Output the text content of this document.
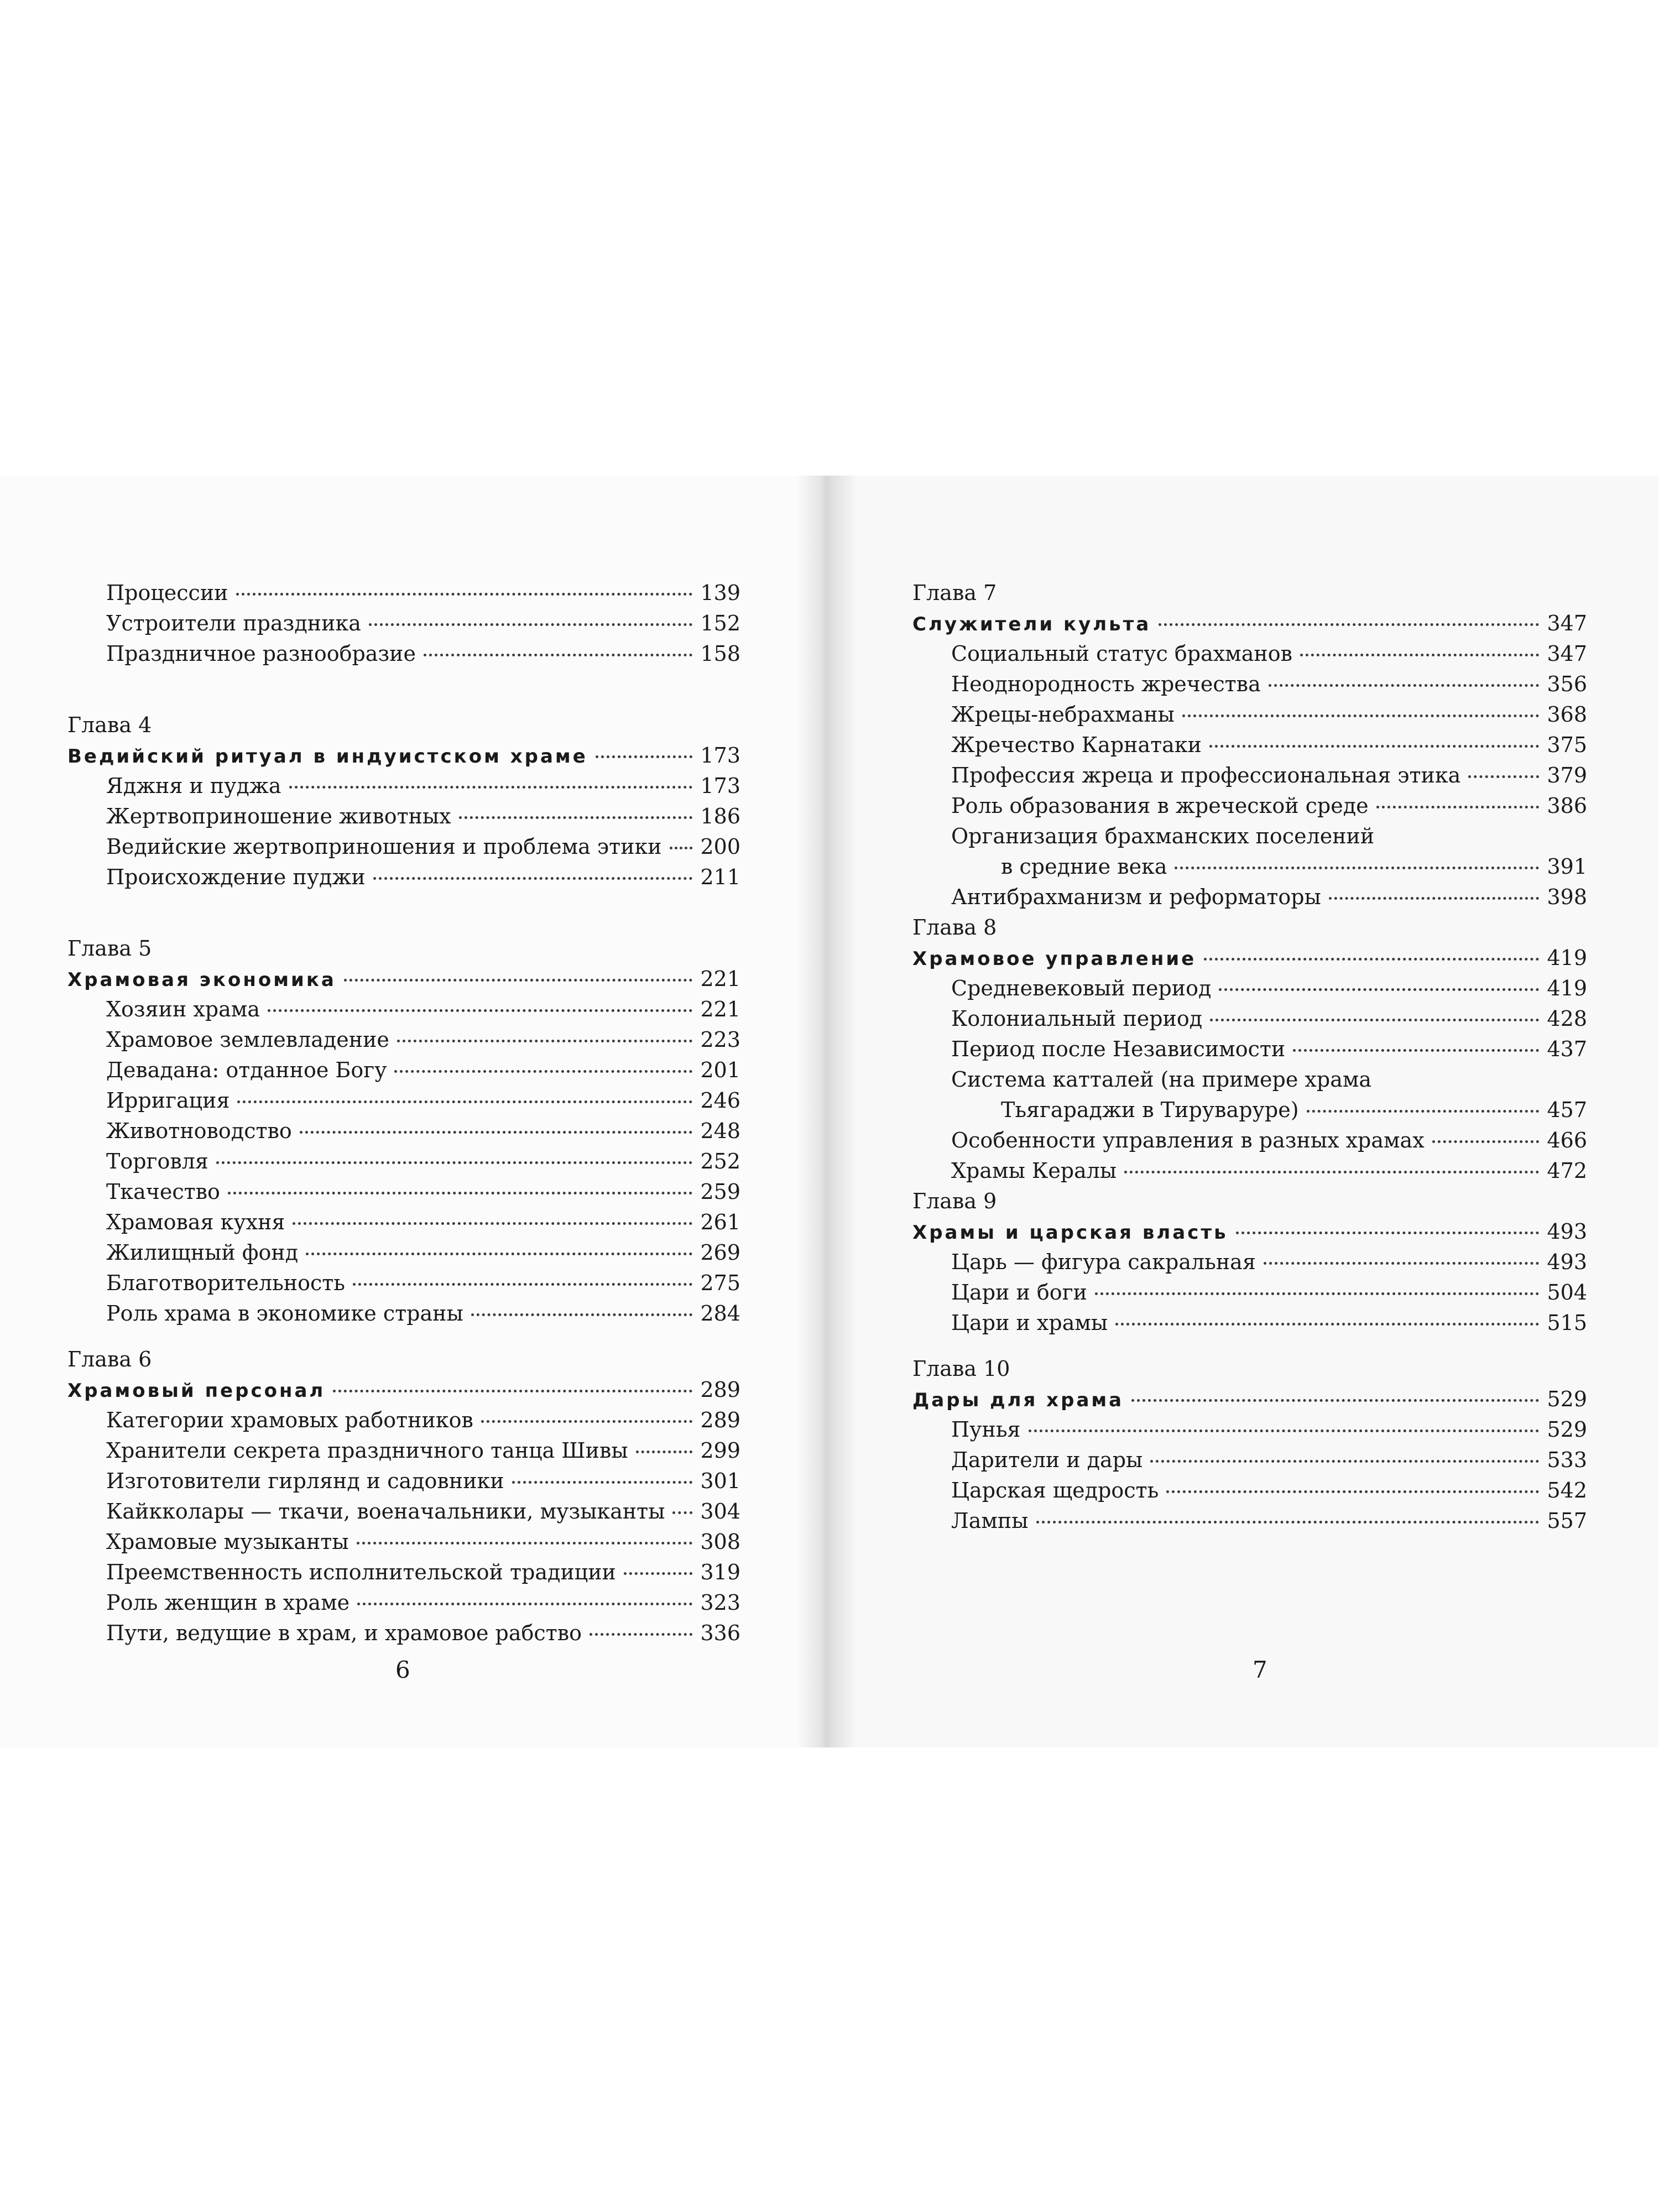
Процессии	139
Устроители праздника	152
Праздничное разнообразие	158
Глава 4
Ведийский ритуал в индуистском храме	173
Яджня и пуджа	173
Жертвоприношение животных	186
Ведийские жертвоприношения и проблема этики 200
Происхождение пуджи	211
Глава 5
Храмовая экономика	221
Хозяин храма	221
Храмовое землевладение	223
Девадана: отданное Богу	201
Ирригация	246
Животноводство	248
Торговля	252
Ткачество	259
Храмовая кухня	261
Жилищный фонд	269
Благотворительность	275
Роль храма в экономике страны	284
Глава 6
Храмовый персонал	289
Категории храмовых работников	289
Хранители секрета праздничного танца Шивы	299
Изготовители гирлянд и садовники	301
Кайкколары — ткачи, военачальники, музыканты 304
Храмовые музыканты	308
Преемственность исполнительской традиции	319
Роль женщин в храме	323
Пути, ведущие в храм, и храмовое рабство	336
Глава 7
Служители культа	347
Социальный статус брахманов	347
Неоднородность жречества	356
Жрецы-небрахманы	368
Жречество Карнатаки	375
Профессия жреца и профессиональная этика	379
Роль образования в жреческой среде	386
Организация брахманских поселений
в средние века	391
Антибрахманизм и реформаторы	398
Глава 8
Храмовое управление	419
Средневековый период	419
Колониальный период	428
Период после Независимости	437
Система катталей (на примере храма
Тьягараджи в Тируваруре)	457
Особенности управления в разных храмах	466
Храмы Кералы	472
Глава 9
Храмы и царская власть	493
Царь — фигура сакральная	493
Цари и боги	504
Цари и храмы	515
Глава 10
Дары для храма	529
Пунья	529
Дарители и дары	533
Царская щедрость	542
Лампы	557
6	7
